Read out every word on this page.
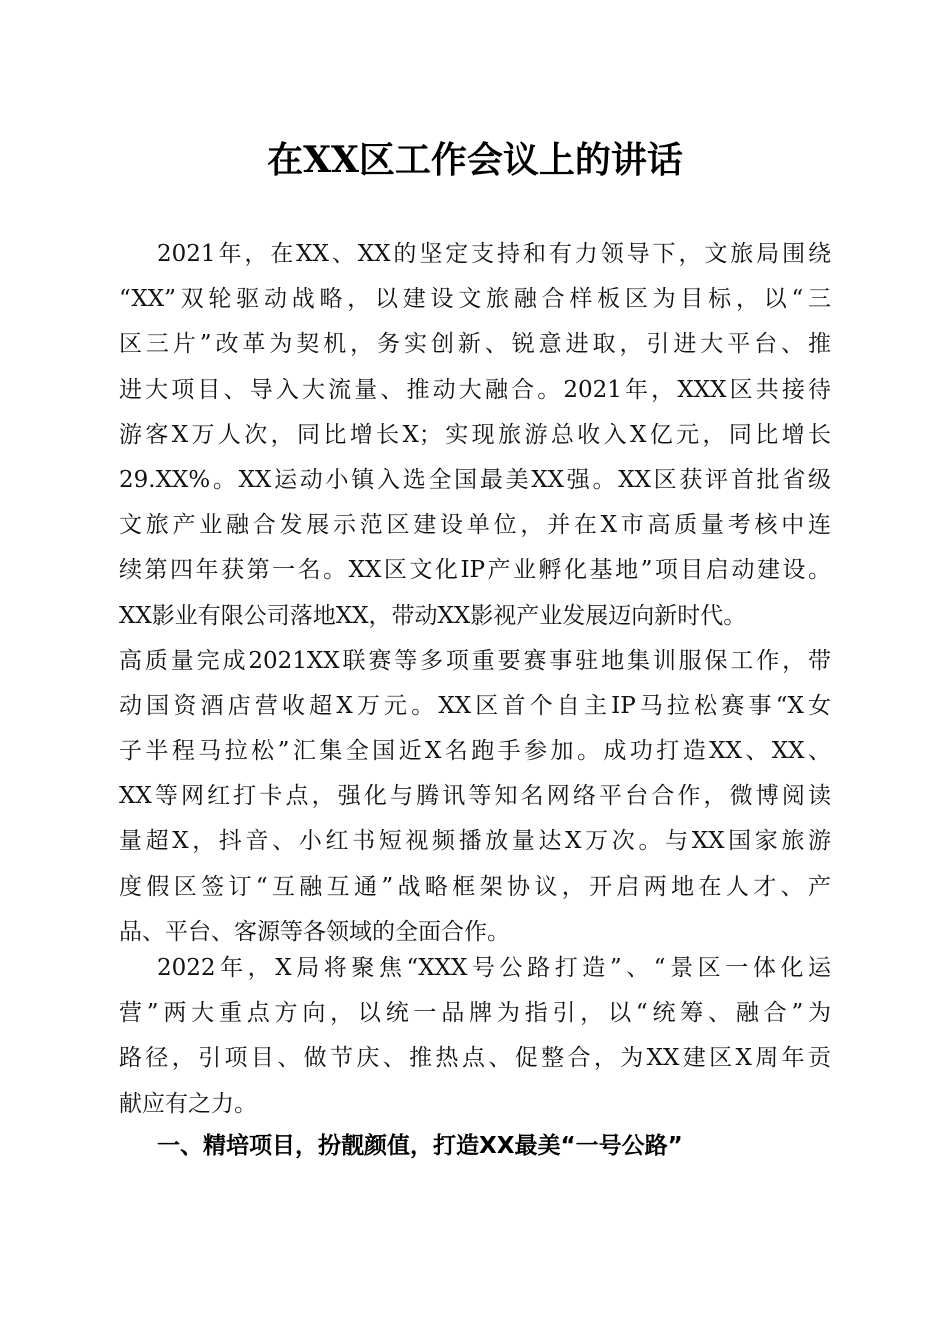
在XX区工作会议上的讲话
2021年，在XX、XX的坚定支持和有力领导下，文旅局围绕
“XX”双轮驱动战略，以建设文旅融合样板区为目标，以“三
区三片”改革为契机，务实创新、锐意进取，引进大平台、推
进大项目、导入大流量、推动大融合。2021年，XXX区共接待
游客X万人次，同比增长X；实现旅游总收入X亿元，同比增长
29.XX%。XX运动小镇入选全国最美XX强。XX区获评首批省级
文旅产业融合发展示范区建设单位，并在X市高质量考核中连
续第四年获第一名。XX区文化IP产业孵化基地”项目启动建设。
XX影业有限公司落地XX，带动XX影视产业发展迈向新时代。
高质量完成2021XX联赛等多项重要赛事驻地集训服保工作，带
动国资酒店营收超X万元。XX区首个自主IP马拉松赛事“X女
子半程马拉松”汇集全国近X名跑手参加。成功打造XX、XX、
XX等网红打卡点，强化与腾讯等知名网络平台合作，微博阅读
量超X，抖音、小红书短视频播放量达X万次。与XX国家旅游
度假区签订“互融互通”战略框架协议，开启两地在人才、产
品、平台、客源等各领域的全面合作。
2022年，X局将聚焦“XXX号公路打造”、“景区一体化运
营”两大重点方向，以统一品牌为指引，以“统筹、融合”为
路径，引项目、做节庆、推热点、促整合，为XX建区X周年贡
献应有之力。
一、精培项目，扮靓颜值，打造XX最美“一号公路”
